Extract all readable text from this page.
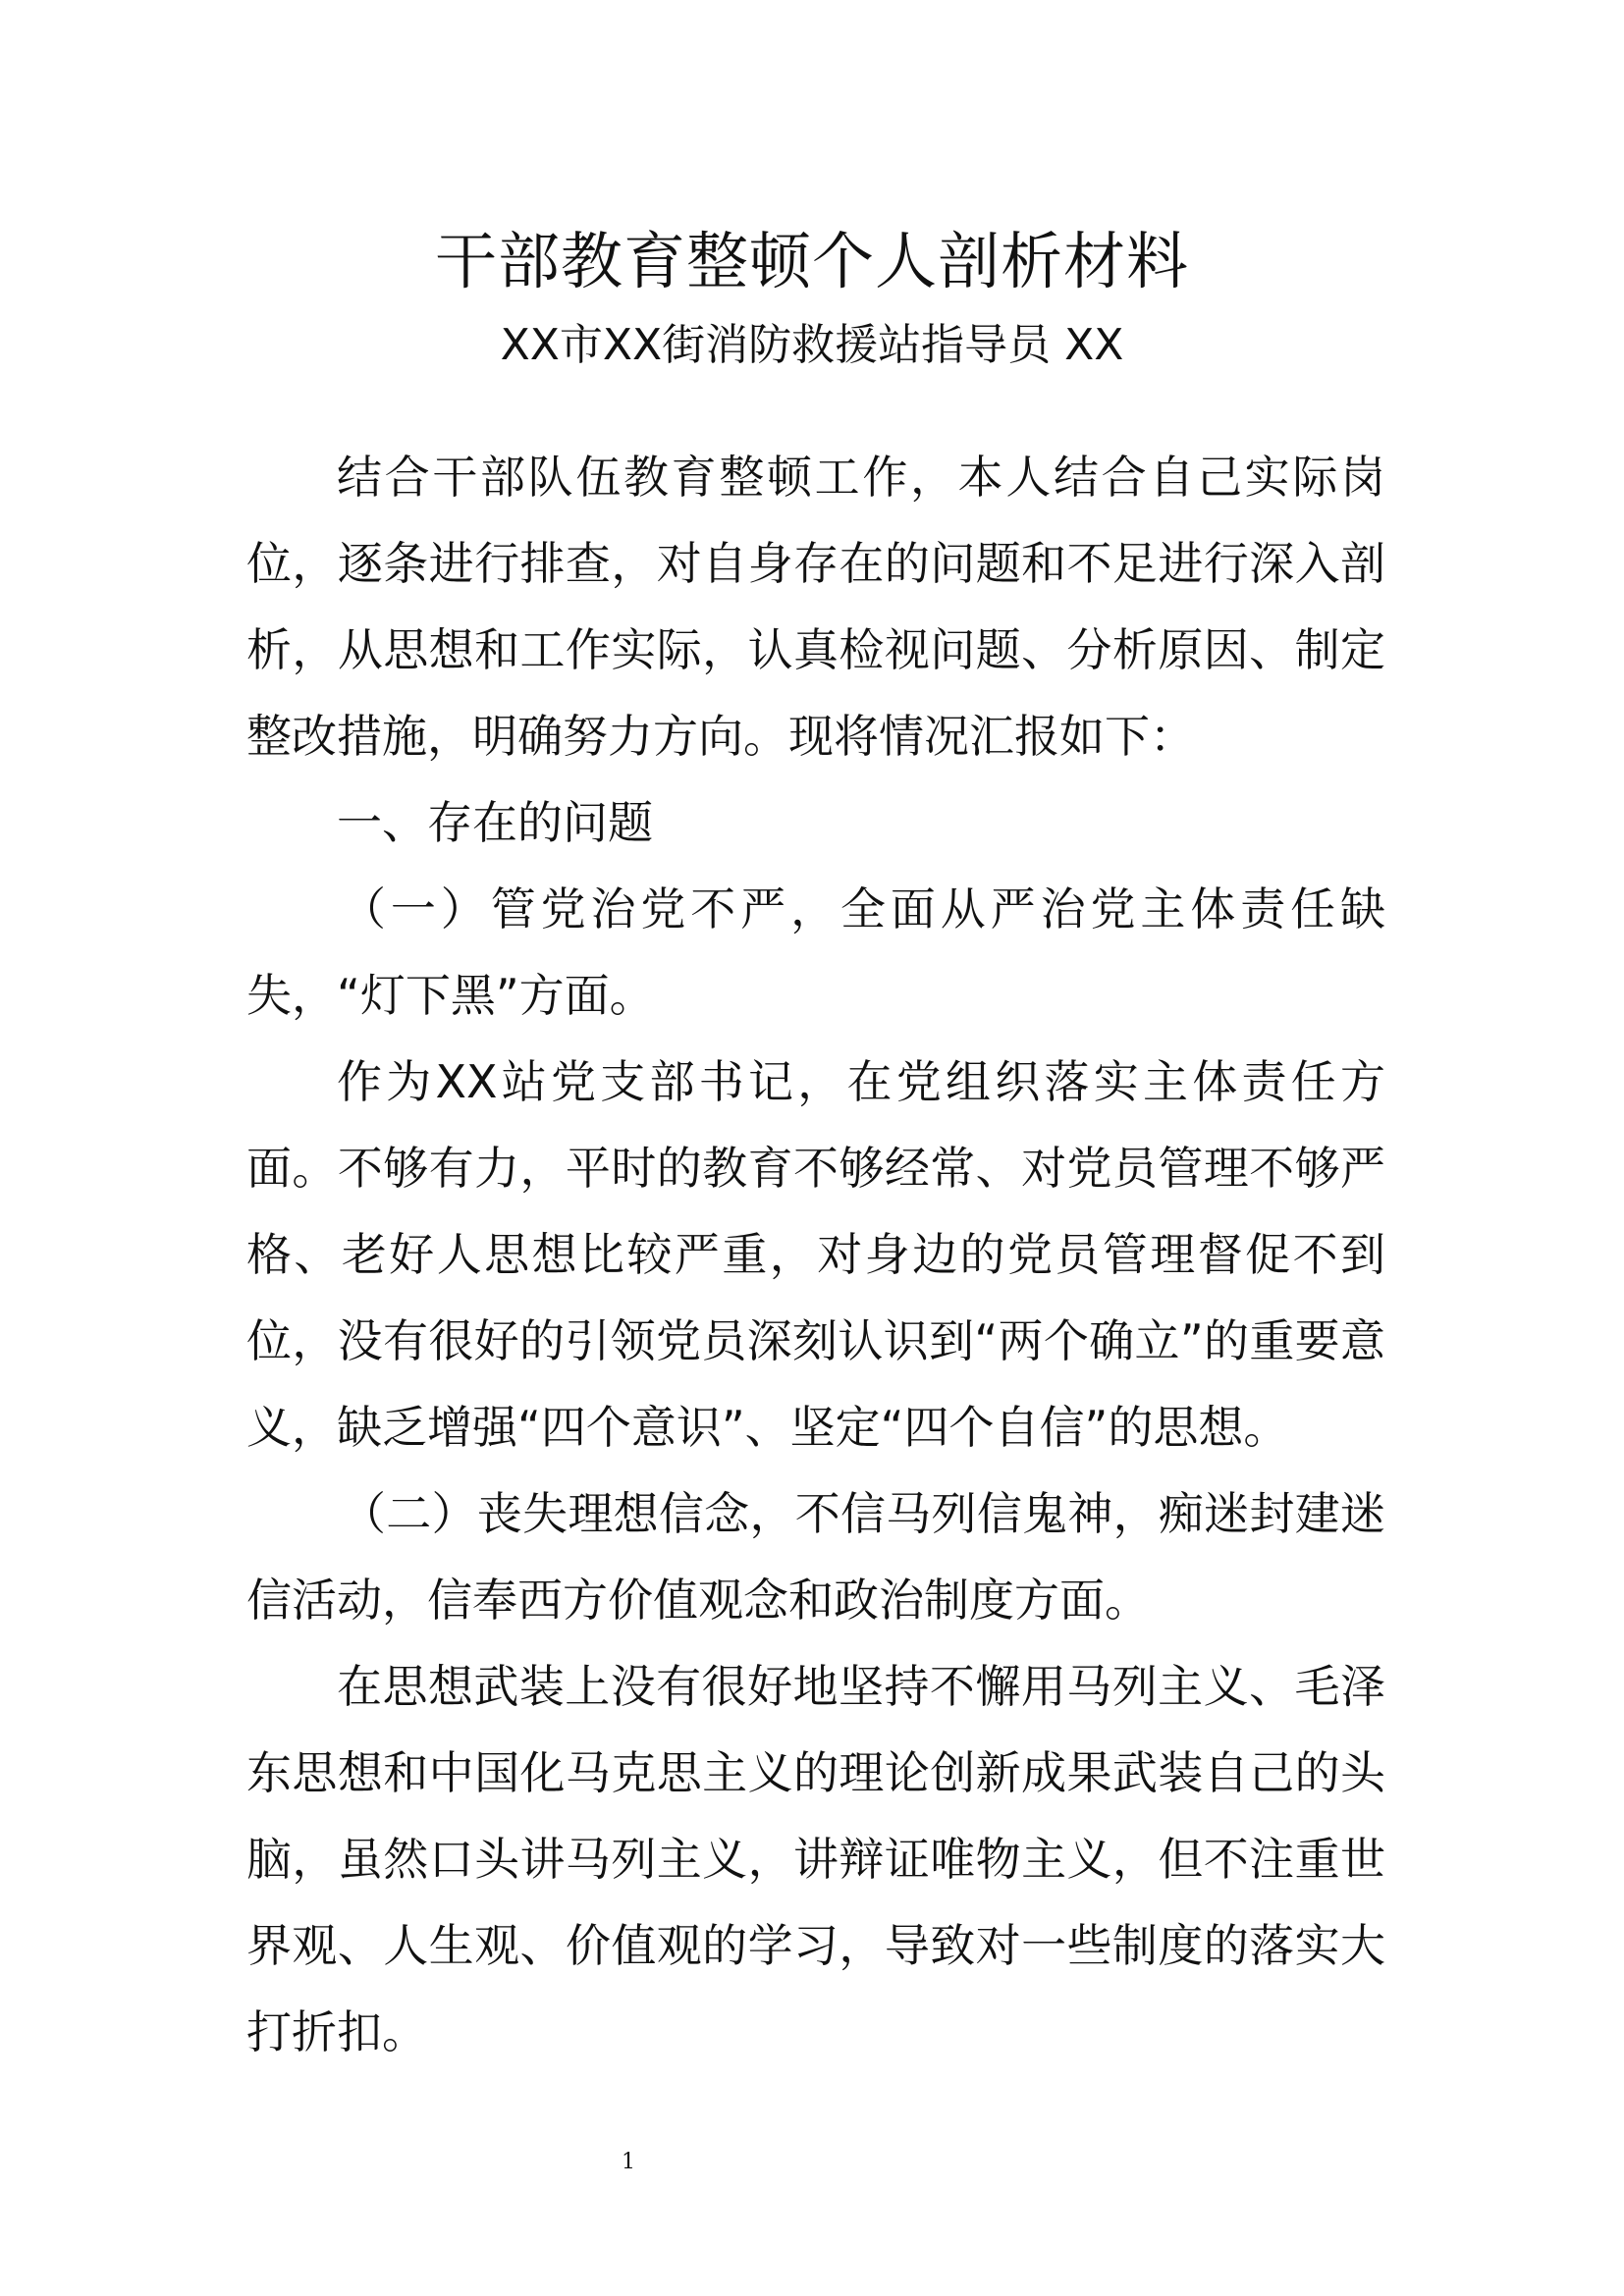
干部教育整顿个人剖析材料
XX市XX街消防救援站指导员 XX

结合干部队伍教育整顿工作，本人结合自己实际岗位，逐条进行排查，对自身存在的问题和不足进行深入剖析，从思想和工作实际，认真检视问题、分析原因、制定整改措施，明确努力方向。现将情况汇报如下：

一、存在的问题

（一）管党治党不严，全面从严治党主体责任缺失，“灯下黑”方面。

作为XX站党支部书记，在党组织落实主体责任方面。不够有力，平时的教育不够经常、对党员管理不够严格、老好人思想比较严重，对身边的党员管理督促不到位，没有很好的引领党员深刻认识到“两个确立”的重要意义，缺乏增强“四个意识”、坚定“四个自信”的思想。

（二）丧失理想信念，不信马列信鬼神，痴迷封建迷信活动，信奉西方价值观念和政治制度方面。

在思想武装上没有很好地坚持不懈用马列主义、毛泽东思想和中国化马克思主义的理论创新成果武装自己的头脑，虽然口头讲马列主义，讲辩证唯物主义，但不注重世界观、人生观、价值观的学习，导致对一些制度的落实大打折扣。

1
